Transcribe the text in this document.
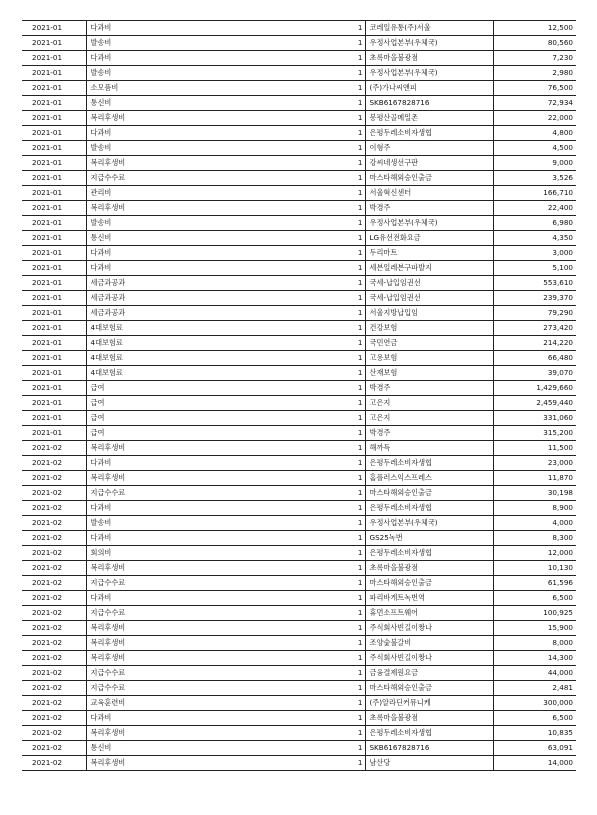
2021-01	다과비	1	코레일유통(주)서울	12,500
2021-01	발송비	1	우정사업본부(우체국)	80,560
2021-01	다과비	1	초록마을불광점	7,230
2021-01	발송비	1	우정사업본부(우체국)	2,980
2021-01	소모품비	1	(주)가나씨앤피	76,500
2021-01	통신비	1	SKB6167828716	72,934
2021-01	복리후생비	1	봉평산골메밀촌	22,000
2021-01	다과비	1	은평두레소비자생협	4,800
2021-01	발송비	1	이형주	4,500
2021-01	복리후생비	1	강씨네생선구판	9,000
2021-01	지급수수료	1	마스타해외승인출금	3,526
2021-01	관리비	1	서울혁신센터	166,710
2021-01	복리후생비	1	박경주	22,400
2021-01	발송비	1	우정사업본부(우체국)	6,980
2021-01	통신비	1	LG유선전화요금	4,350
2021-01	다과비	1	두리마트	3,000
2021-01	다과비	1	세븐일레븐구파발지	5,100
2021-01	세금과공과	1	국세-납입임권선	553,610
2021-01	세금과공과	1	국세-납입임권선	239,370
2021-01	세금과공과	1	서울지방납입임	79,290
2021-01	4대보험료	1	건강보험	273,420
2021-01	4대보험료	1	국민연금	214,220
2021-01	4대보험료	1	고용보험	66,480
2021-01	4대보험료	1	산재보험	39,070
2021-01	급여	1	박경주	1,429,660
2021-01	급여	1	고은지	2,459,440
2021-01	급여	1	고은지	331,060
2021-01	급여	1	박경주	315,200
2021-02	복리후생비	1	해까득	11,500
2021-02	다과비	1	은평두레소비자생협	23,000
2021-02	복리후생비	1	홈플러스익스프레스	11,870
2021-02	지급수수료	1	마스타해외승인출금	30,198
2021-02	다과비	1	은평두레소비자생협	8,900
2021-02	발송비	1	우정사업본부(우체국)	4,000
2021-02	다과비	1	GS25녹번	8,300
2021-02	회의비	1	은평두레소비자생협	12,000
2021-02	복리후생비	1	초록마을불광점	10,130
2021-02	지급수수료	1	마스타해외승인출금	61,596
2021-02	다과비	1	파리바게트녹번역	6,500
2021-02	지급수수료	1	휴먼소프트웨어	100,925
2021-02	복리후생비	1	주식회사빈길이짱나	15,900
2021-02	복리후생비	1	조양숯불갈비	8,000
2021-02	복리후생비	1	주식회사빈길이짱나	14,300
2021-02	지급수수료	1	금융결제원요금	44,000
2021-02	지급수수료	1	마스타해외승인출금	2,481
2021-02	교육훈련비	1	(주)알라딘커뮤니케	300,000
2021-02	다과비	1	초록마을불광점	6,500
2021-02	복리후생비	1	은평두레소비자생협	10,835
2021-02	통신비	1	SKB6167828716	63,091
2021-02	복리후생비	1	남산당	14,000
